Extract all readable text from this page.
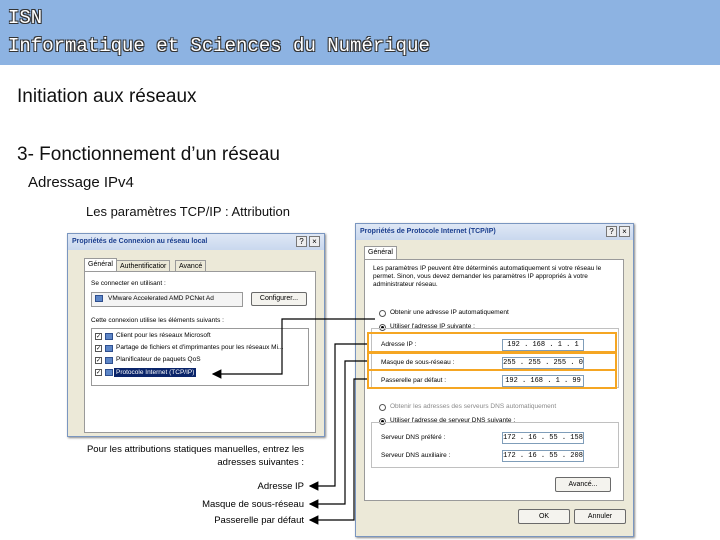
ISN
Informatique et Sciences du Numérique
Initiation aux réseaux
3- Fonctionnement d’un réseau
Adressage IPv4
Les paramètres TCP/IP : Attribution
Propriétés de Connexion au réseau local	?	×
Général	Authentificatior	Avancé
Se connecter en utilisant :
VMware Accelerated AMD PCNet Ad	Configurer...
Cette connexion utilise les éléments suivants :
✓ Client pour les réseaux Microsoft
✓ Partage de fichiers et d'imprimantes pour les réseaux Mi...
✓ Planificateur de paquets QoS
✓	Protocole Internet (TCP/IP)
Propriétés de Protocole Internet (TCP/IP)	?	×
Général
Les paramètres IP peuvent être déterminés automatiquement si votre réseau le permet. Sinon, vous devez demander les paramètres IP appropriés à votre administrateur réseau.
Obtenir une adresse IP automatiquement
Utiliser l'adresse IP suivante :
Adresse IP :	192 . 168 . 1 . 1
Masque de sous-réseau :	255 . 255 . 255 . 0
Passerelle par défaut :	192 . 168 . 1 . 99
Obtenir les adresses des serveurs DNS automatiquement
Utiliser l'adresse de serveur DNS suivante :
Serveur DNS préféré :	172 . 16 . 55 . 158
Serveur DNS auxiliaire :	172 . 16 . 55 . 208
Avancé...
OK	Annuler
Pour les attributions statiques manuelles, entrez les
adresses suivantes :
Adresse IP
Masque de sous-réseau
Passerelle par défaut
